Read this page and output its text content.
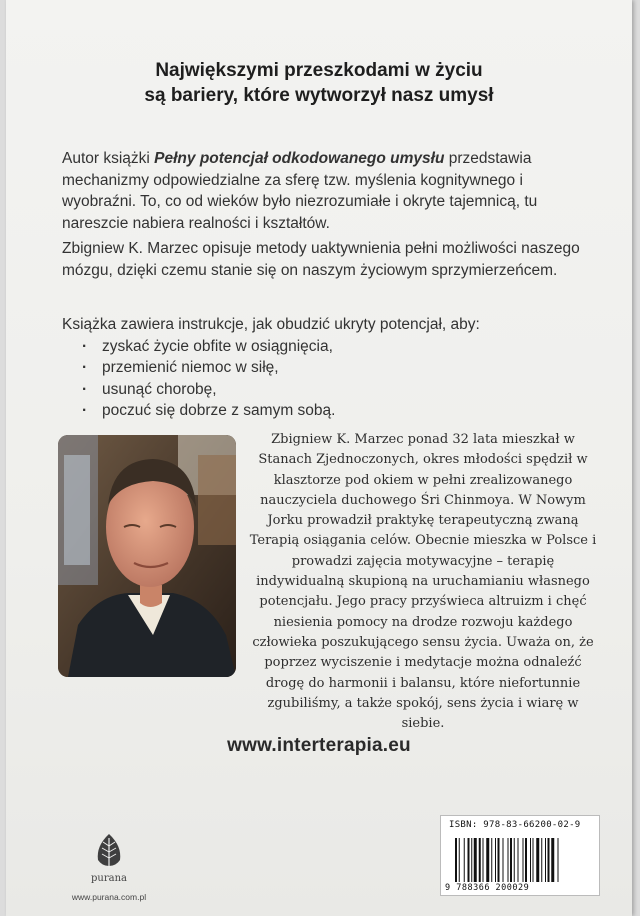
Największymi przeszkodami w życiu
są bariery, które wytworzył nasz umysł
Autor książki Pełny potencjał odkodowanego umysłu przedstawia mechanizmy odpowiedzialne za sferę tzw. myślenia kognitywnego i wyobraźni. To, co od wieków było niezrozumiałe i okryte tajemnicą, tu nareszcie nabiera realności i kształtów.
Zbigniew K. Marzec opisuje metody uaktywnienia pełni możliwości naszego mózgu, dzięki czemu stanie się on naszym życiowym sprzymierzeńcem.
Książka zawiera instrukcje, jak obudzić ukryty potencjał, aby:
· zyskać życie obfite w osiągnięcia,
· przemienić niemoc w siłę,
· usunąć chorobę,
· poczuć się dobrze z samym sobą.
Zbigniew K. Marzec ponad 32 lata mieszkał w Stanach Zjednoczonych, okres młodości spędził w klasztorze pod okiem w pełni zrealizowanego nauczyciela duchowego Śri Chinmoya. W Nowym Jorku prowadził praktykę terapeutyczną zwaną Terapią osiągania celów. Obecnie mieszka w Polsce i prowadzi zajęcia motywacyjne – terapię indywidualną skupioną na uruchamianiu własnego potencjału. Jego pracy przyświeca altruizm i chęć niesienia pomocy na drodze rozwoju każdego człowieka poszukującego sensu życia. Uważa on, że poprzez wyciszenie i medytacje można odnaleźć drogę do harmonii i balansu, które niefortunnie zgubiliśmy, a także spokój, sens życia i wiarę w siebie.
www.interterapia.eu
purana
www.purana.com.pl
ISBN: 978-83-66200-02-9
9 788366 200029
